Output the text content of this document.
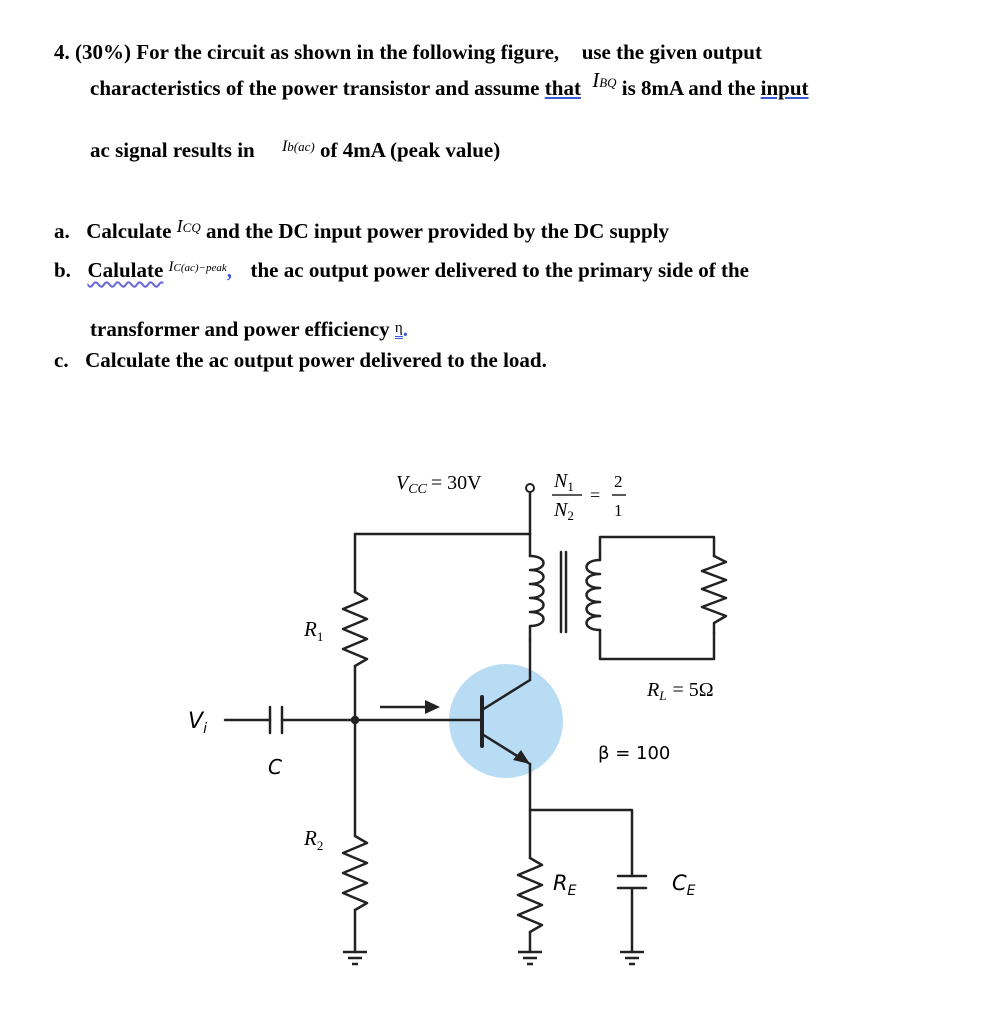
4. (30%) For the circuit as shown in the following figure, use the given output
characteristics of the power transistor and assume that IBQ is 8mA and the input
ac signal results in $^{Ib(ac)}$ of 4mA (peak value)
a. Calculate ICQ and the DC input power provided by the DC supply
b. Calulate $^{IC(ac)-peak}$, the ac output power delivered to the primary side of the
transformer and power efficiency η.
c. Calculate the ac output power delivered to the load.
$V_{CC} = 30V$	$N_1$
$N_2$
=
2
1
$R_1$
$R_2$
$V_i$
C
$R_L = 5\Omega$
β = 100
$R_E$	$C_E$
